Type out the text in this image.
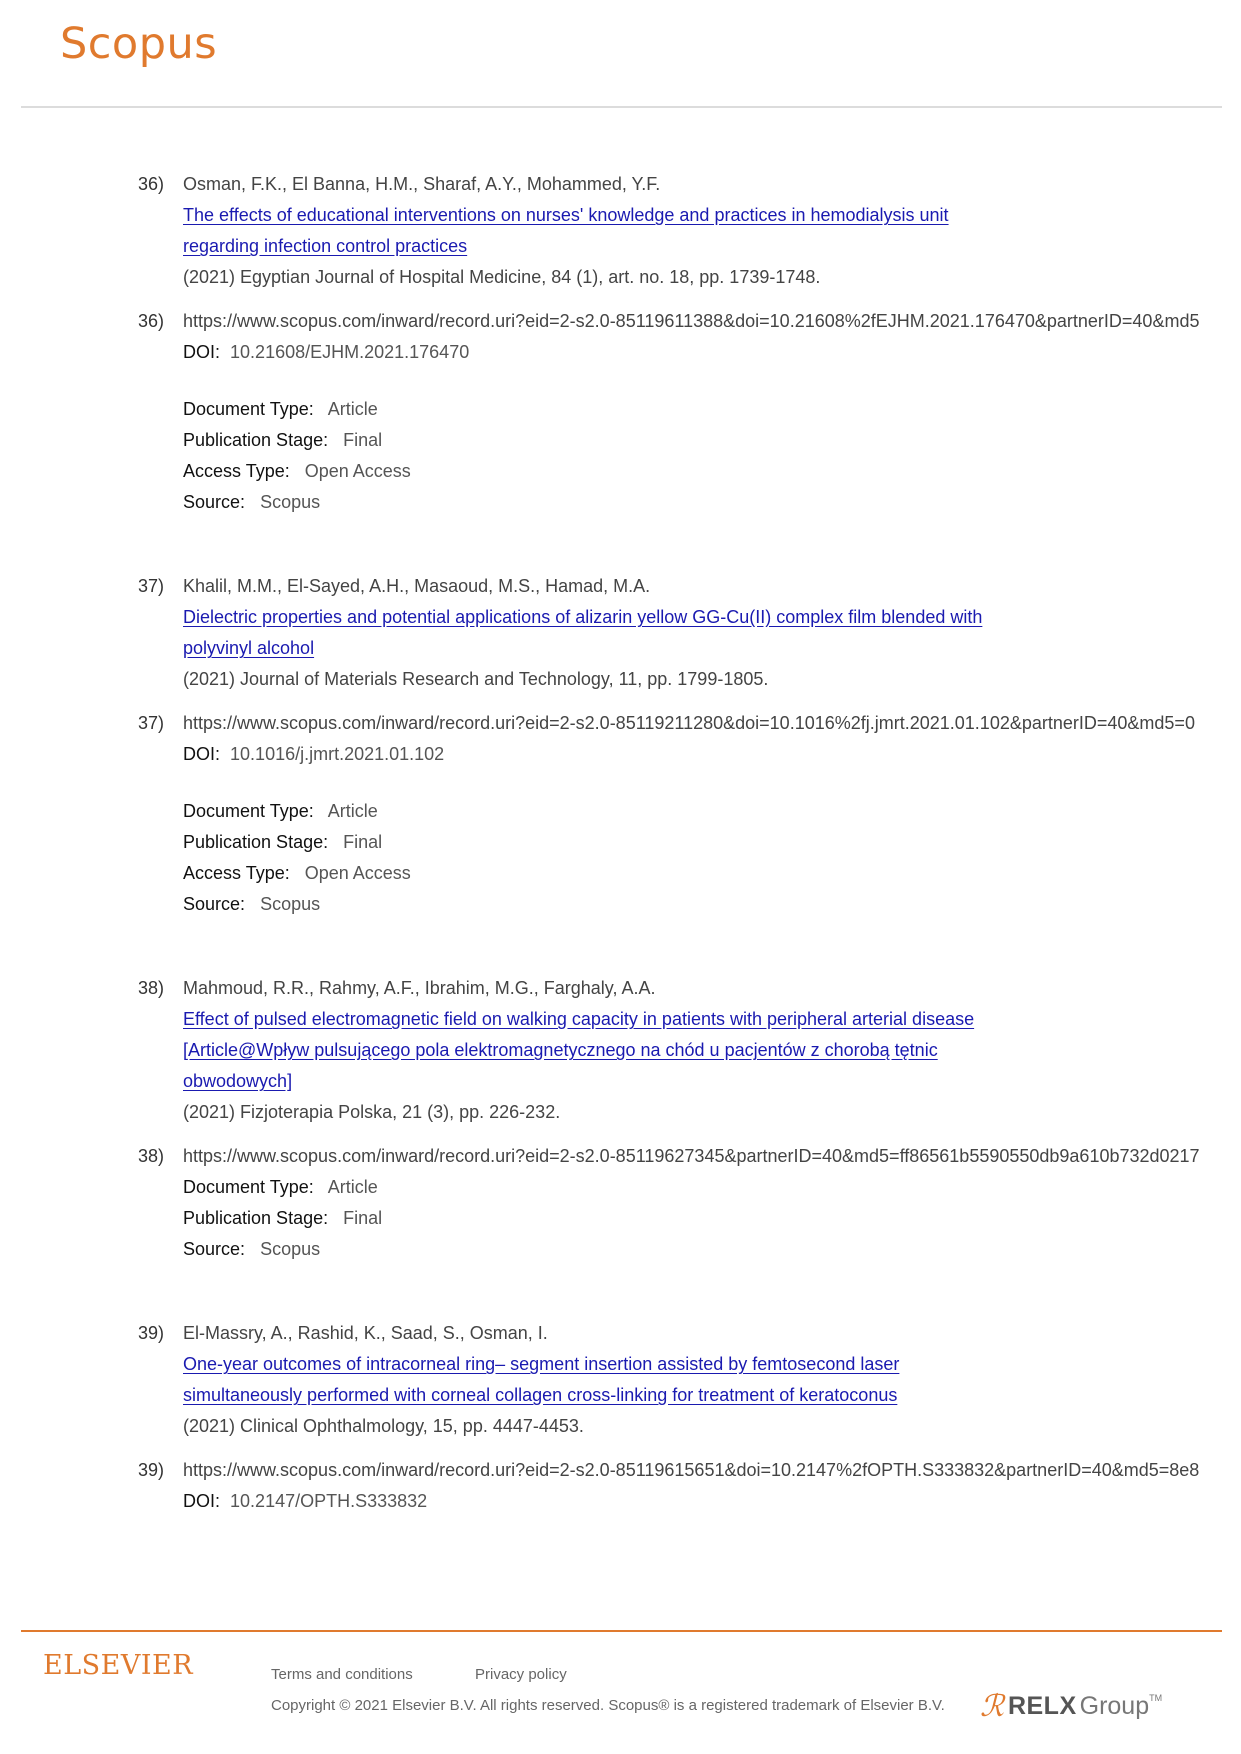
Scopus
36) Osman, F.K., El Banna, H.M., Sharaf, A.Y., Mohammed, Y.F.
The effects of educational interventions on nurses' knowledge and practices in hemodialysis unit
regarding infection control practices
(2021) Egyptian Journal of Hospital Medicine, 84 (1), art. no. 18, pp. 1739-1748.
36) https://www.scopus.com/inward/record.uri?eid=2-s2.0-85119611388&doi=10.21608%2fEJHM.2021.176470&partnerID=40&md5
DOI: 10.21608/EJHM.2021.176470
Document Type: Article
Publication Stage: Final
Access Type: Open Access
Source: Scopus
37) Khalil, M.M., El-Sayed, A.H., Masaoud, M.S., Hamad, M.A.
Dielectric properties and potential applications of alizarin yellow GG-Cu(II) complex film blended with
polyvinyl alcohol
(2021) Journal of Materials Research and Technology, 11, pp. 1799-1805.
37) https://www.scopus.com/inward/record.uri?eid=2-s2.0-85119211280&doi=10.1016%2fj.jmrt.2021.01.102&partnerID=40&md5=0
DOI: 10.1016/j.jmrt.2021.01.102
Document Type: Article
Publication Stage: Final
Access Type: Open Access
Source: Scopus
38) Mahmoud, R.R., Rahmy, A.F., Ibrahim, M.G., Farghaly, A.A.
Effect of pulsed electromagnetic field on walking capacity in patients with peripheral arterial disease
[Article@Wpływ pulsującego pola elektromagnetycznego na chód u pacjentów z chorobą tętnic
obwodowych]
(2021) Fizjoterapia Polska, 21 (3), pp. 226-232.
38) https://www.scopus.com/inward/record.uri?eid=2-s2.0-85119627345&partnerID=40&md5=ff86561b5590550db9a610b732d0217
Document Type: Article
Publication Stage: Final
Source: Scopus
39) El-Massry, A., Rashid, K., Saad, S., Osman, I.
One-year outcomes of intracorneal ring– segment insertion assisted by femtosecond laser
simultaneously performed with corneal collagen cross-linking for treatment of keratoconus
(2021) Clinical Ophthalmology, 15, pp. 4447-4453.
39) https://www.scopus.com/inward/record.uri?eid=2-s2.0-85119615651&doi=10.2147%2fOPTH.S333832&partnerID=40&md5=8e8
DOI: 10.2147/OPTH.S333832
ELSEVIER	Terms and conditions	Privacy policy
Copyright © 2021 Elsevier B.V. All rights reserved. Scopus® is a registered trademark of Elsevier B.V. ℛ RELX Group TM
